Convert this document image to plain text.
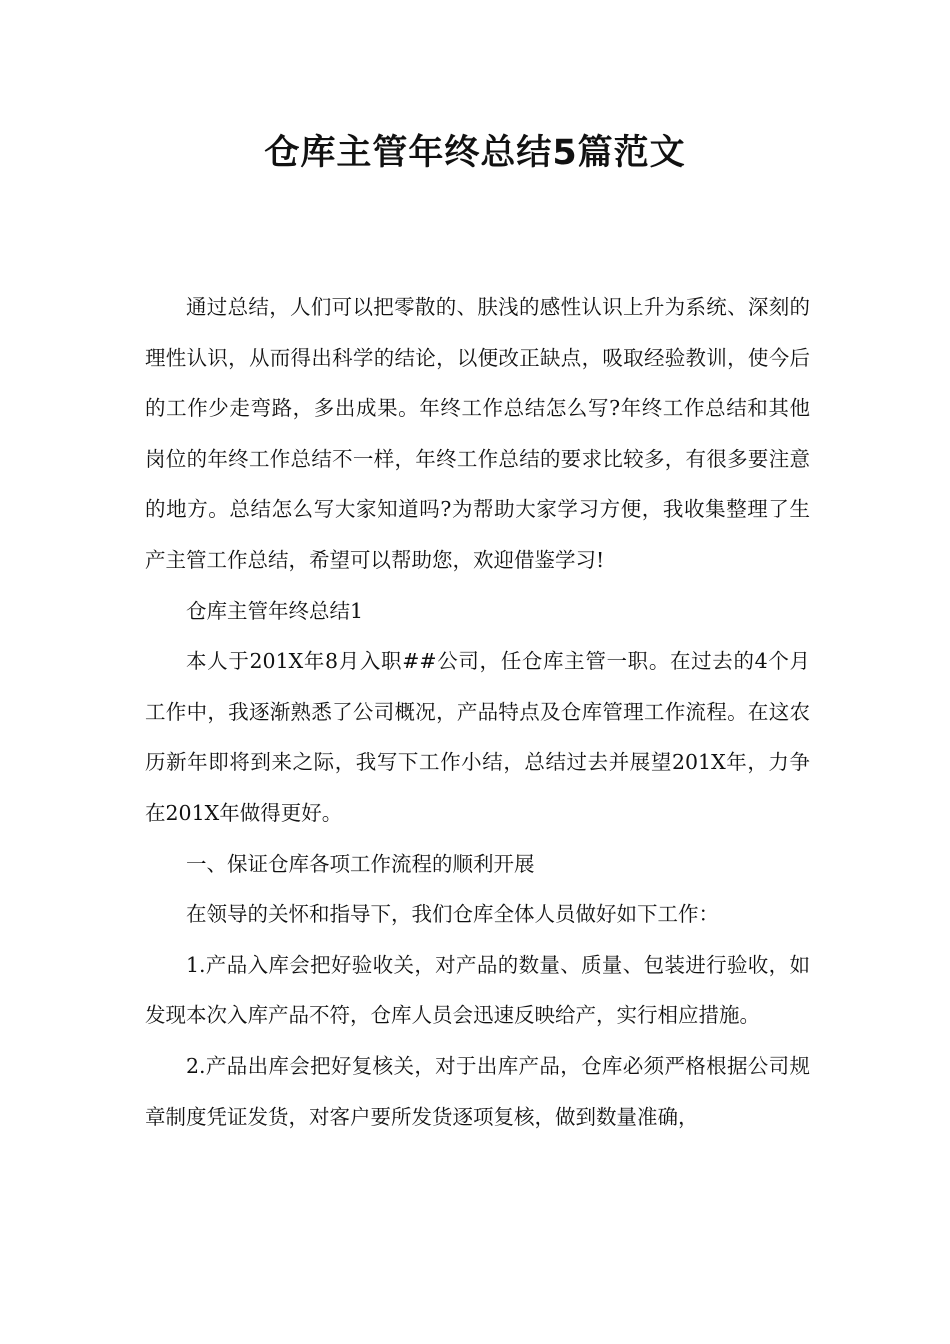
仓库主管年终总结5篇范文

通过总结，人们可以把零散的、肤浅的感性认识上升为系统、深刻的理性认识，从而得出科学的结论，以便改正缺点，吸取经验教训，使今后的工作少走弯路，多出成果。年终工作总结怎么写?年终工作总结和其他岗位的年终工作总结不一样，年终工作总结的要求比较多，有很多要注意的地方。总结怎么写大家知道吗?为帮助大家学习方便，我收集整理了生产主管工作总结，希望可以帮助您，欢迎借鉴学习!

仓库主管年终总结1

本人于201X年8月入职##公司，任仓库主管一职。在过去的4个月工作中，我逐渐熟悉了公司概况，产品特点及仓库管理工作流程。在这农历新年即将到来之际，我写下工作小结，总结过去并展望201X年，力争在201X年做得更好。

一、保证仓库各项工作流程的顺利开展

在领导的关怀和指导下，我们仓库全体人员做好如下工作：

1.产品入库会把好验收关，对产品的数量、质量、包装进行验收，如发现本次入库产品不符，仓库人员会迅速反映给产，实行相应措施。

2.产品出库会把好复核关，对于出库产品，仓库必须严格根据公司规章制度凭证发货，对客户要所发货逐项复核，做到数量准确，
